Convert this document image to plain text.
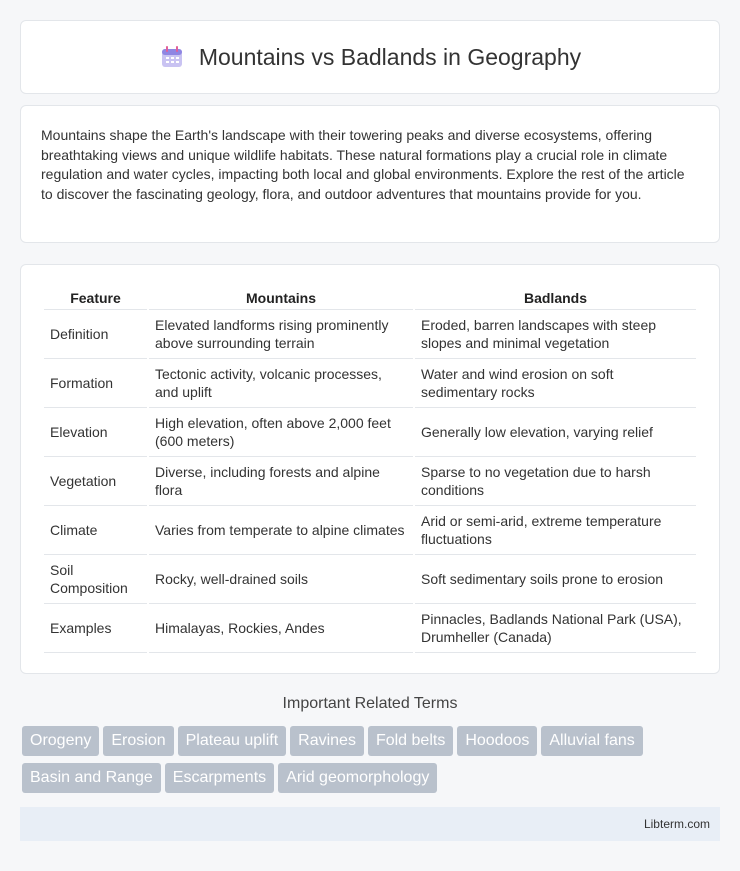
Mountains vs Badlands in Geography

Mountains shape the Earth's landscape with their towering peaks and diverse ecosystems, offering breathtaking views and unique wildlife habitats. These natural formations play a crucial role in climate regulation and water cycles, impacting both local and global environments. Explore the rest of the article to discover the fascinating geology, flora, and outdoor adventures that mountains provide for you.

Feature	Mountains	Badlands
Definition	Elevated landforms rising prominently above surrounding terrain	Eroded, barren landscapes with steep slopes and minimal vegetation
Formation	Tectonic activity, volcanic processes, and uplift	Water and wind erosion on soft sedimentary rocks
Elevation	High elevation, often above 2,000 feet (600 meters)	Generally low elevation, varying relief
Vegetation	Diverse, including forests and alpine flora	Sparse to no vegetation due to harsh conditions
Climate	Varies from temperate to alpine climates	Arid or semi-arid, extreme temperature fluctuations
Soil Composition	Rocky, well-drained soils	Soft sedimentary soils prone to erosion
Examples	Himalayas, Rockies, Andes	Pinnacles, Badlands National Park (USA), Drumheller (Canada)
Important Related Terms
Orogeny Erosion Plateau uplift Ravines Fold belts Hoodoos Alluvial fansBasin and Range Escarpments Arid geomorphology
Libterm.com
